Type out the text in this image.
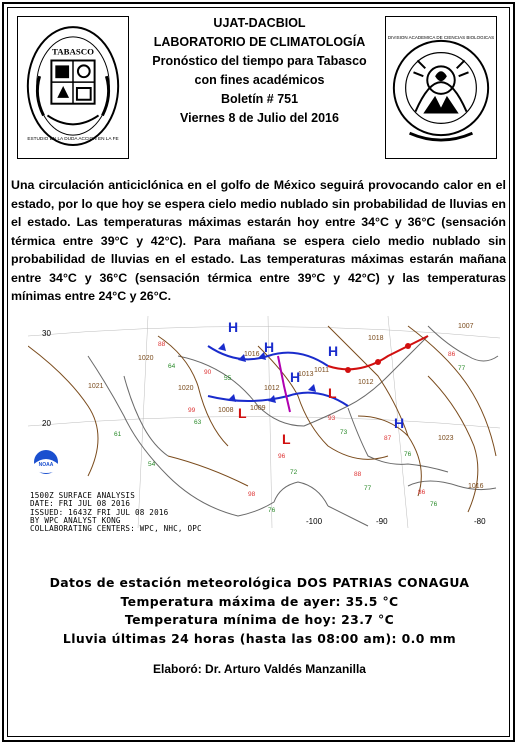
TABASCO
ESTUDIO EN LA DUDA ACCION EN LA FE
DIVISION ACADEMICA DE CIENCIAS BIOLOGICAS
UJAT-DACBIOL
LABORATORIO DE CLIMATOLOGÍA
Pronóstico del tiempo para Tabasco
con fines académicos
Boletín # 751
Viernes 8 de Julio del 2016
Una circulación anticiclónica en el golfo de México seguirá provocando calor en el estado, por lo que hoy se espera cielo medio nublado sin probabilidad de lluvias en el estado. Las temperaturas máximas estarán hoy entre 34°C y 36°C (sensación térmica entre 39°C y 42°C). Para mañana se espera cielo medio nublado sin probabilidad de lluvias en el estado. Las temperaturas máximas estarán mañana entre 34°C y 36°C (sensación térmica entre 39°C y 42°C) y las temperaturas mínimas entre 24°C y 26°C.
H
H
H
H
H
L
L
L
1020
1016
1012
1008
1013
1011
1020
1018
1007
1012
1023
1009
1021
1016
88
64
90
55
99
63
96
72	88
77
86
76
86
77
87
76
93
73
54
61
98
76
30
20
-100	-90	-80
NOAA
1500Z SURFACE ANALYSIS
DATE: FRI JUL 08 2016
ISSUED: 1643Z FRI JUL 08 2016
BY WPC ANALYST KONG
COLLABORATING CENTERS: WPC, NHC, OPC
Datos de estación meteorológica DOS PATRIAS CONAGUA
Temperatura máxima de ayer: 35.5 °C
Temperatura mínima de hoy: 23.7 °C
Lluvia últimas 24 horas (hasta las 08:00 am): 0.0 mm
Elaboró: Dr. Arturo Valdés Manzanilla
